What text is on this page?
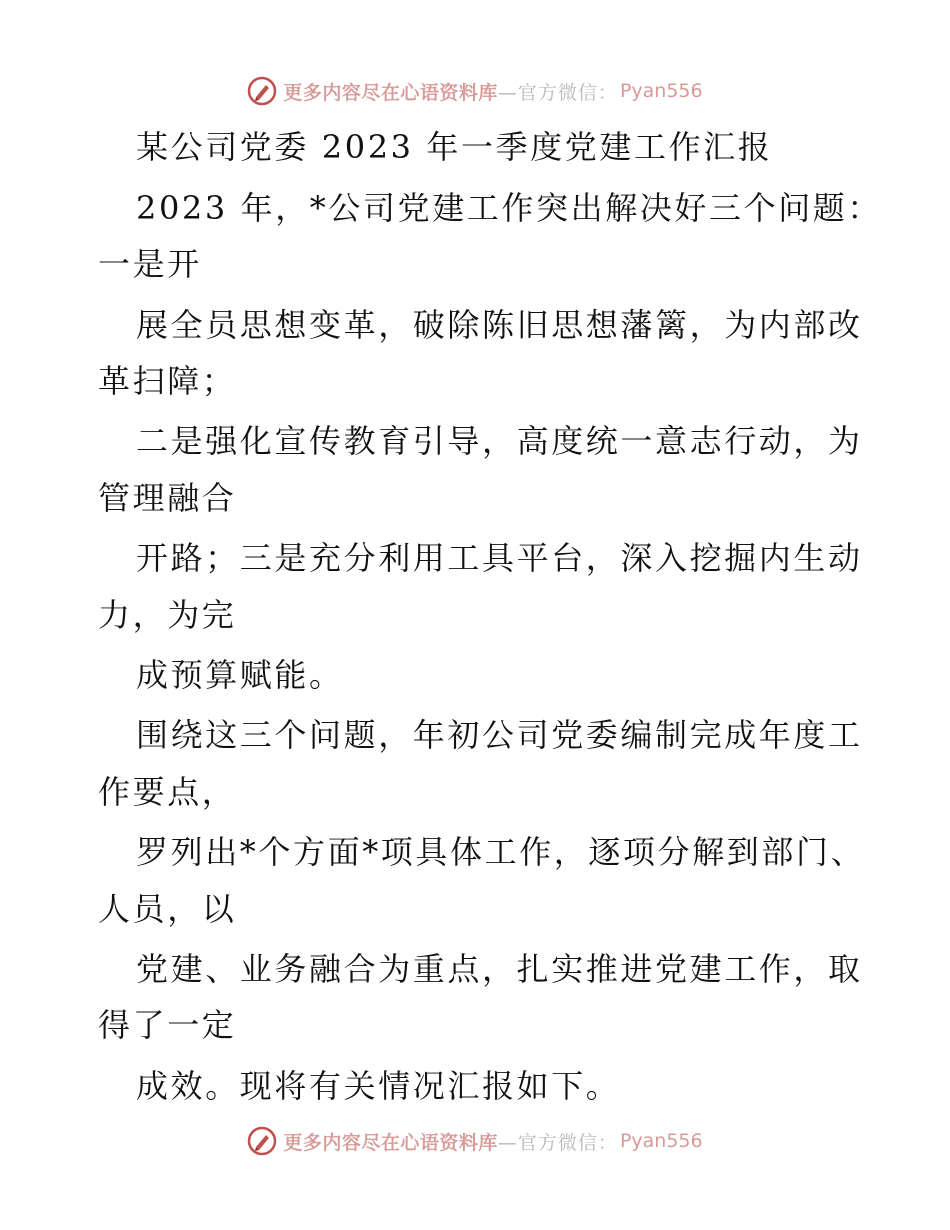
更多内容尽在心语资料库 —官方微信： Pyan556
某公司党委 2023 年一季度党建工作汇报
2023 年，*公司党建工作突出解决好三个问题：
一是开
展全员思想变革，破除陈旧思想藩篱，为内部改
革扫障；
二是强化宣传教育引导，高度统一意志行动，为
管理融合
开路；三是充分利用工具平台，深入挖掘内生动
力，为完
成预算赋能。
围绕这三个问题，年初公司党委编制完成年度工
作要点，
罗列出*个方面*项具体工作，逐项分解到部门、
人员，以
党建、业务融合为重点，扎实推进党建工作，取
得了一定
成效。现将有关情况汇报如下。
更多内容尽在心语资料库 —官方微信： Pyan556
